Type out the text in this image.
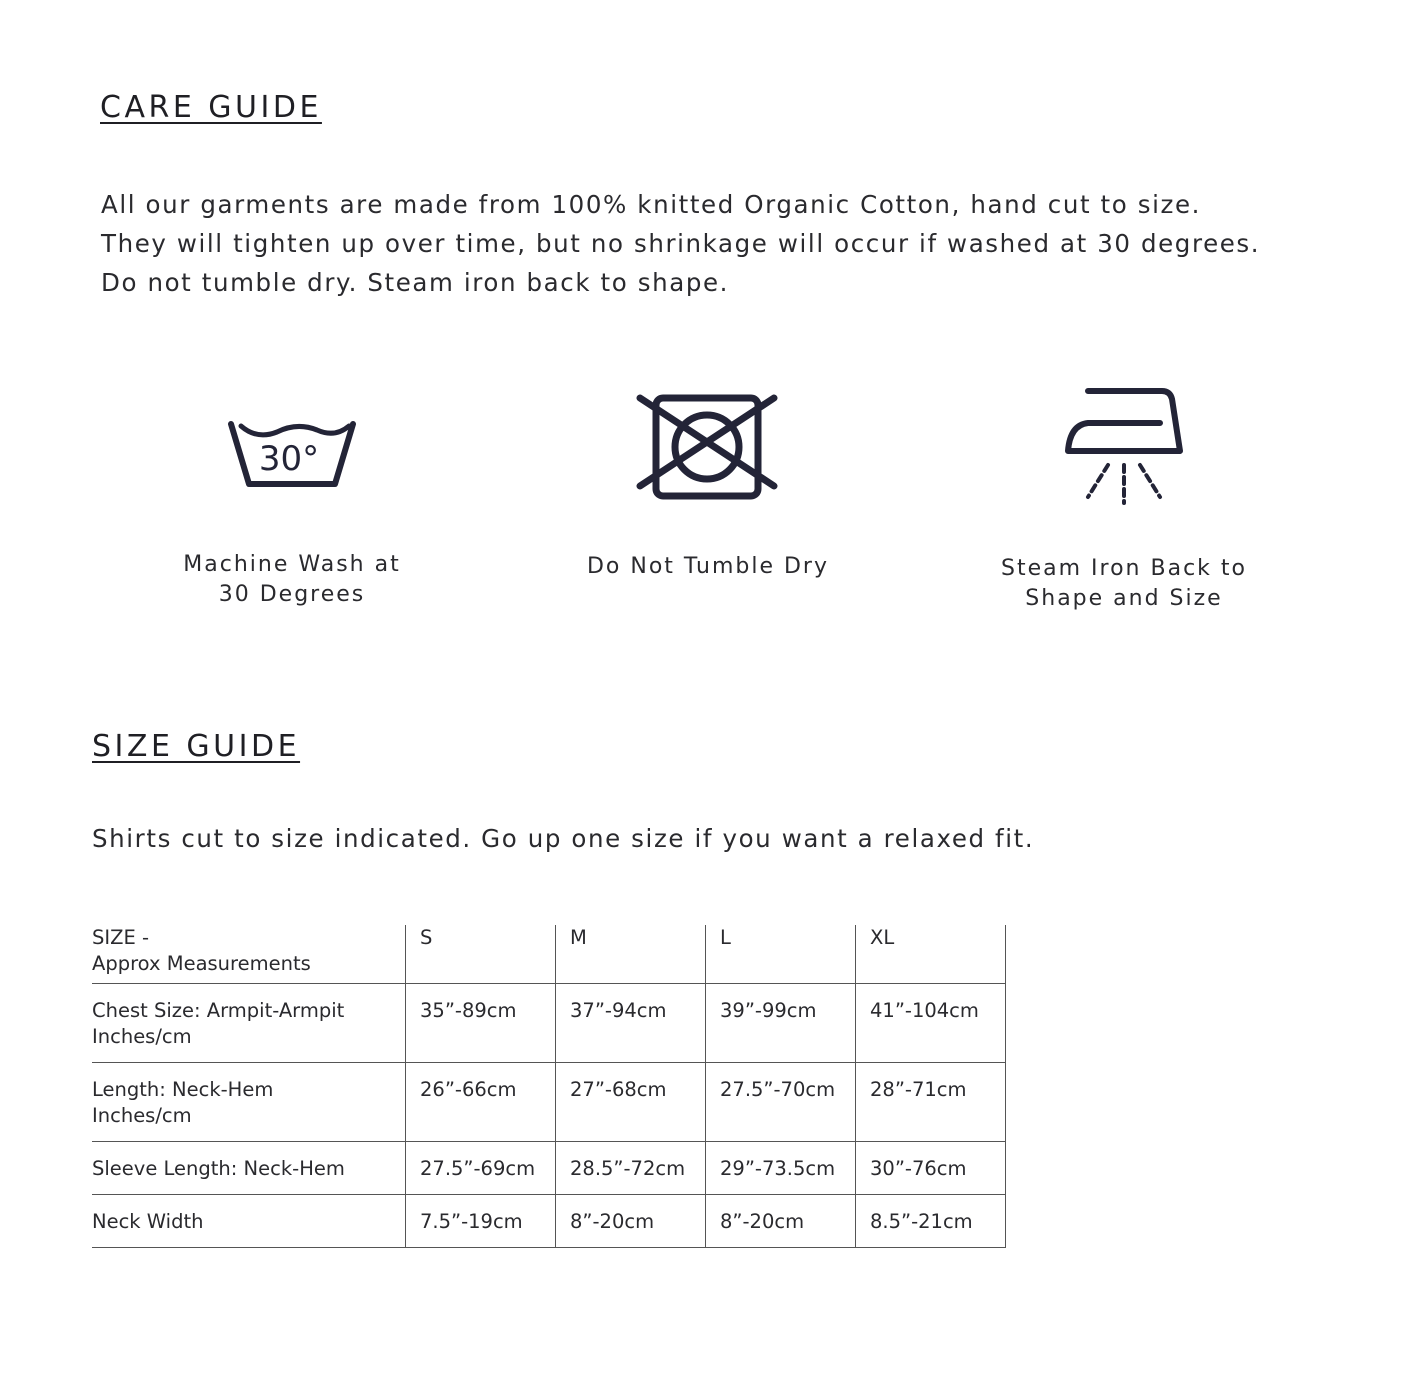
CARE GUIDE

All our garments are made from 100% knitted Organic Cotton, hand cut to size.
They will tighten up over time, but no shrinkage will occur if washed at 30 degrees.
Do not tumble dry. Steam iron back to shape.

30°
Machine Wash at
30 Degrees
Do Not Tumble Dry	Steam Iron Back to
Shape and Size
SIZE GUIDE

Shirts cut to size indicated. Go up one size if you want a relaxed fit.

SIZE -
Approx Measurements	S	M	L	XL

Chest Size: Armpit-Armpit
Inches/cm	35”-89cm	37”-94cm	39”-99cm	41”-104cm

Length: Neck-Hem
Inches/cm	26”-66cm	27”-68cm	27.5”-70cm	28”-71cm

Sleeve Length: Neck-Hem	27.5”-69cm	28.5”-72cm	29”-73.5cm	30”-76cm

Neck Width	7.5”-19cm	8”-20cm	8”-20cm	8.5”-21cm
